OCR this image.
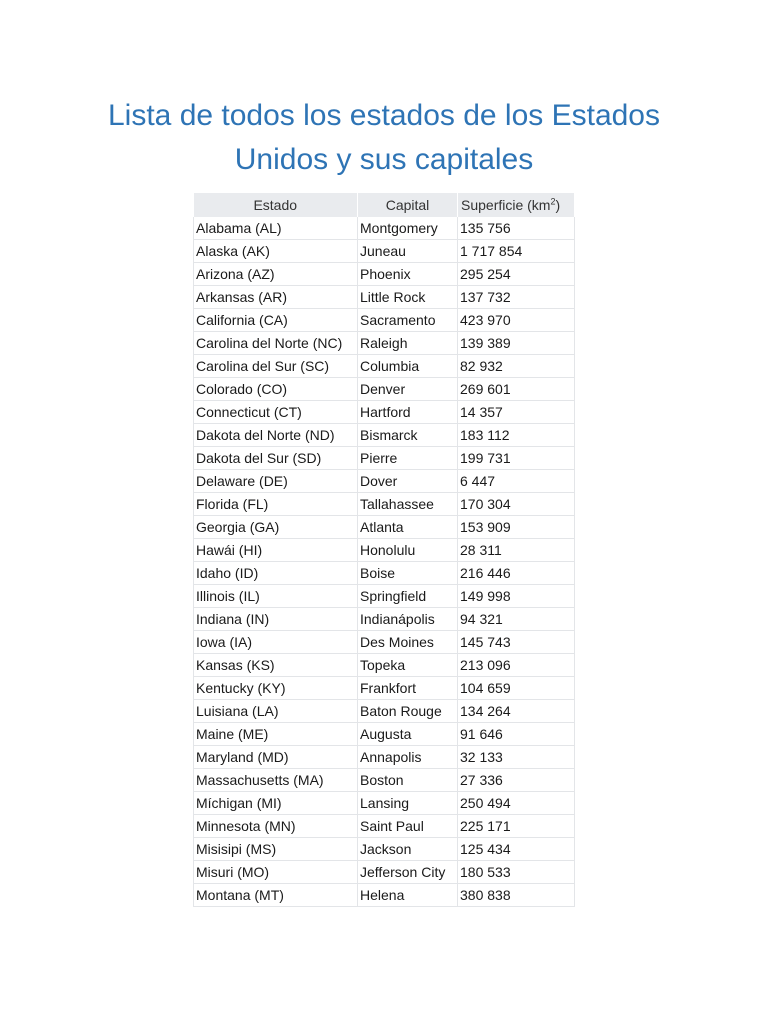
Lista de todos los estados de los Estados
Unidos y sus capitales
Estado	Capital	Superficie $(km^2)$
Alabama (AL)	Montgomery	135 756
Alaska (AK)	Juneau	1 717 854
Arizona (AZ)	Phoenix	295 254
Arkansas (AR)	Little Rock	137 732
California (CA)	Sacramento	423 970
Carolina del Norte (NC)	Raleigh	139 389
Carolina del Sur (SC)	Columbia	82 932
Colorado (CO)	Denver	269 601
Connecticut (CT)	Hartford	14 357
Dakota del Norte (ND)	Bismarck	183 112
Dakota del Sur (SD)	Pierre	199 731
Delaware (DE)	Dover	6 447
Florida (FL)	Tallahassee	170 304
Georgia (GA)	Atlanta	153 909
Hawái (HI)	Honolulu	28 311
Idaho (ID)	Boise	216 446
Illinois (IL)	Springfield	149 998
Indiana (IN)	Indianápolis	94 321
Iowa (IA)	Des Moines	145 743
Kansas (KS)	Topeka	213 096
Kentucky (KY)	Frankfort	104 659
Luisiana (LA)	Baton Rouge	134 264
Maine (ME)	Augusta	91 646
Maryland (MD)	Annapolis	32 133
Massachusetts (MA)	Boston	27 336
Míchigan (MI)	Lansing	250 494
Minnesota (MN)	Saint Paul	225 171
Misisipi (MS)	Jackson	125 434
Misuri (MO)	Jefferson City	180 533
Montana (MT)	Helena	380 838
